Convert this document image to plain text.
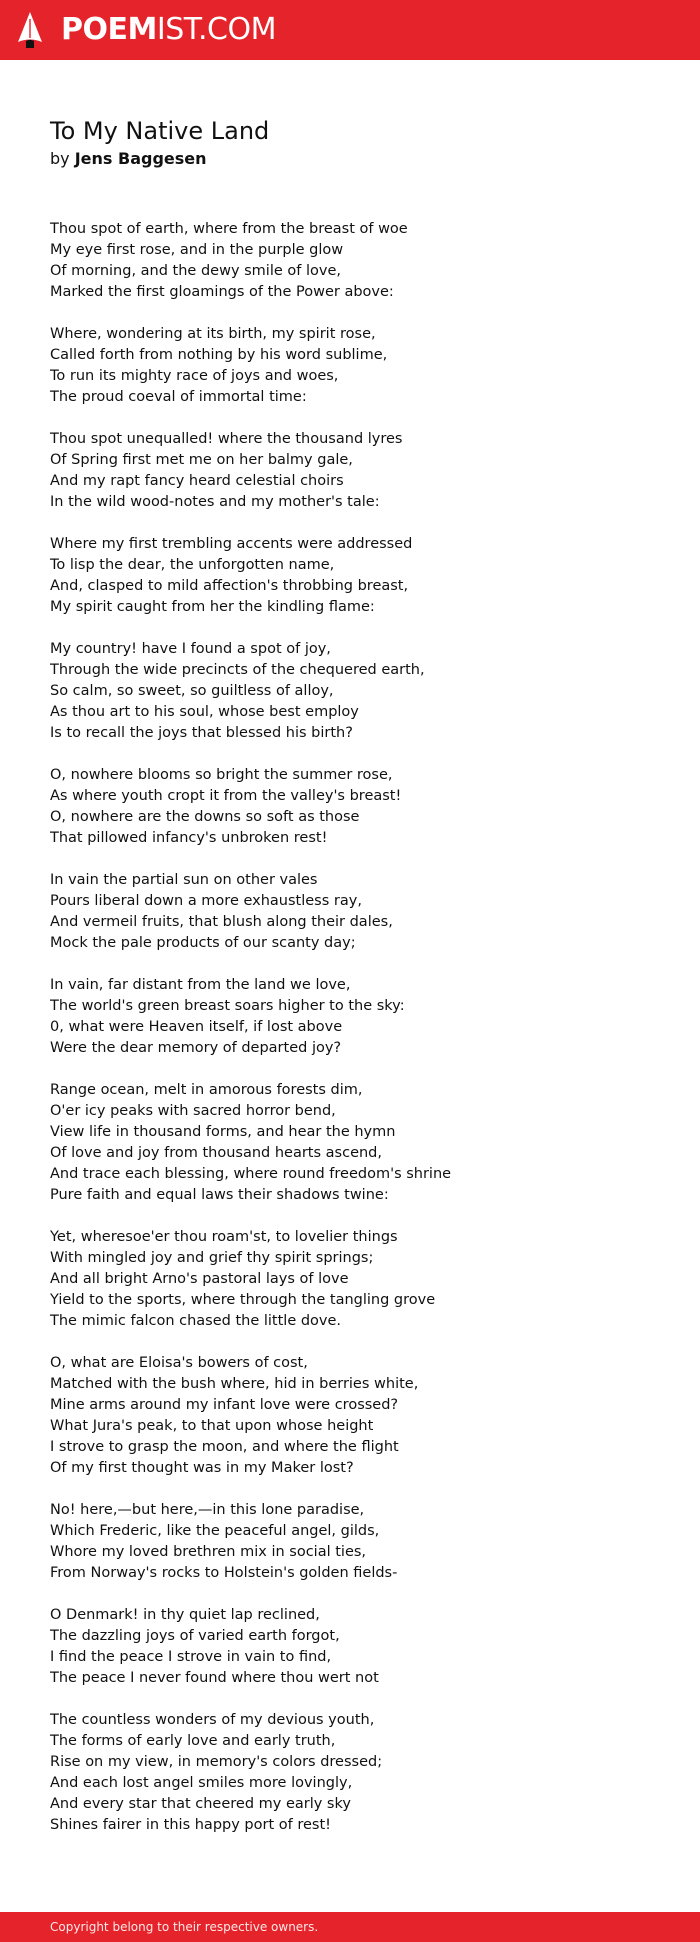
POEMIST.COM
To My Native Land
by Jens Baggesen
Thou spot of earth, where from the breast of woe
My eye first rose, and in the purple glow
Of morning, and the dewy smile of love,
Marked the first gloamings of the Power above:
Where, wondering at its birth, my spirit rose,
Called forth from nothing by his word sublime,
To run its mighty race of joys and woes,
The proud coeval of immortal time:
Thou spot unequalled! where the thousand lyres
Of Spring first met me on her balmy gale,
And my rapt fancy heard celestial choirs
In the wild wood-notes and my mother's tale:
Where my first trembling accents were addressed
To lisp the dear, the unforgotten name,
And, clasped to mild affection's throbbing breast,
My spirit caught from her the kindling flame:
My country! have I found a spot of joy,
Through the wide precincts of the chequered earth,
So calm, so sweet, so guiltless of alloy,
As thou art to his soul, whose best employ
Is to recall the joys that blessed his birth?
O, nowhere blooms so bright the summer rose,
As where youth cropt it from the valley's breast!
O, nowhere are the downs so soft as those
That pillowed infancy's unbroken rest!
In vain the partial sun on other vales
Pours liberal down a more exhaustless ray,
And vermeil fruits, that blush along their dales,
Mock the pale products of our scanty day;
In vain, far distant from the land we love,
The world's green breast soars higher to the sky:
0, what were Heaven itself, if lost above
Were the dear memory of departed joy?
Range ocean, melt in amorous forests dim,
O'er icy peaks with sacred horror bend,
View life in thousand forms, and hear the hymn
Of love and joy from thousand hearts ascend,
And trace each blessing, where round freedom's shrine
Pure faith and equal laws their shadows twine:
Yet, wheresoe'er thou roam'st, to lovelier things
With mingled joy and grief thy spirit springs;
And all bright Arno's pastoral lays of love
Yield to the sports, where through the tangling grove
The mimic falcon chased the little dove.
O, what are Eloisa's bowers of cost,
Matched with the bush where, hid in berries white,
Mine arms around my infant love were crossed?
What Jura's peak, to that upon whose height
I strove to grasp the moon, and where the flight
Of my first thought was in my Maker lost?
No! here,—but here,—in this lone paradise,
Which Frederic, like the peaceful angel, gilds,
Whore my loved brethren mix in social ties,
From Norway's rocks to Holstein's golden fields-
O Denmark! in thy quiet lap reclined,
The dazzling joys of varied earth forgot,
I find the peace I strove in vain to find,
The peace I never found where thou wert not
The countless wonders of my devious youth,
The forms of early love and early truth,
Rise on my view, in memory's colors dressed;
And each lost angel smiles more lovingly,
And every star that cheered my early sky
Shines fairer in this happy port of rest!
Copyright belong to their respective owners.
